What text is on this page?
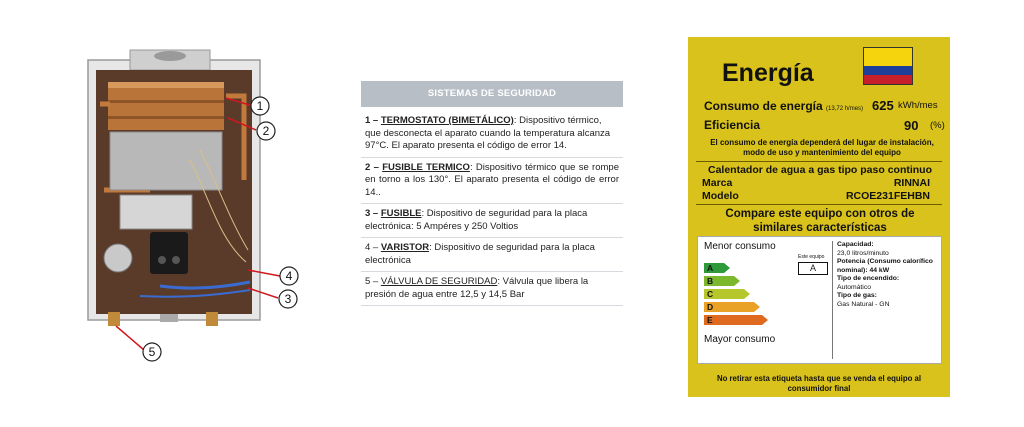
1
2
3
4
5
SISTEMAS DE SEGURIDAD
1 – TERMOSTATO (BIMETÁLICO): Dispositivo térmico, que desconecta el aparato cuando la temperatura alcanza 97°C. El aparato presenta el código de error 14.
2 – FUSIBLE TERMICO: Dispositivo térmico que se rompe en torno a los 130°. El aparato presenta el código de error 14..
3 – FUSIBLE: Dispositivo de seguridad para la placa electrónica: 5 Ampéres y 250 Voltios
4 – VARISTOR: Dispositivo de seguridad para la placa electrónica
5 – VÁLVULA DE SEGURIDAD: Válvula que libera la presión de agua entre 12,5 y 14,5 Bar
Energía
Consumo de energía (13,72 h/mes) 625 kWh/mes
Eficiencia	90 (%)
El consumo de energía dependerá del lugar de instalación, modo de uso y mantenimiento del equipo
Calentador de agua a gas tipo paso continuo
Marca	RINNAI
Modelo	RCOE231FEHBN
Compare este equipo con otros de similares características
Menor consumo
A
B
C
D
E
Mayor consumo
Este equipo
A
Capacidad:
23,0 litros/minuto
Potencia (Consumo calorífico nominal): 44 kW
Tipo de encendido:
Automático
Tipo de gas:
Gas Natural - GN
No retirar esta etiqueta hasta que se venda el equipo al consumidor final
